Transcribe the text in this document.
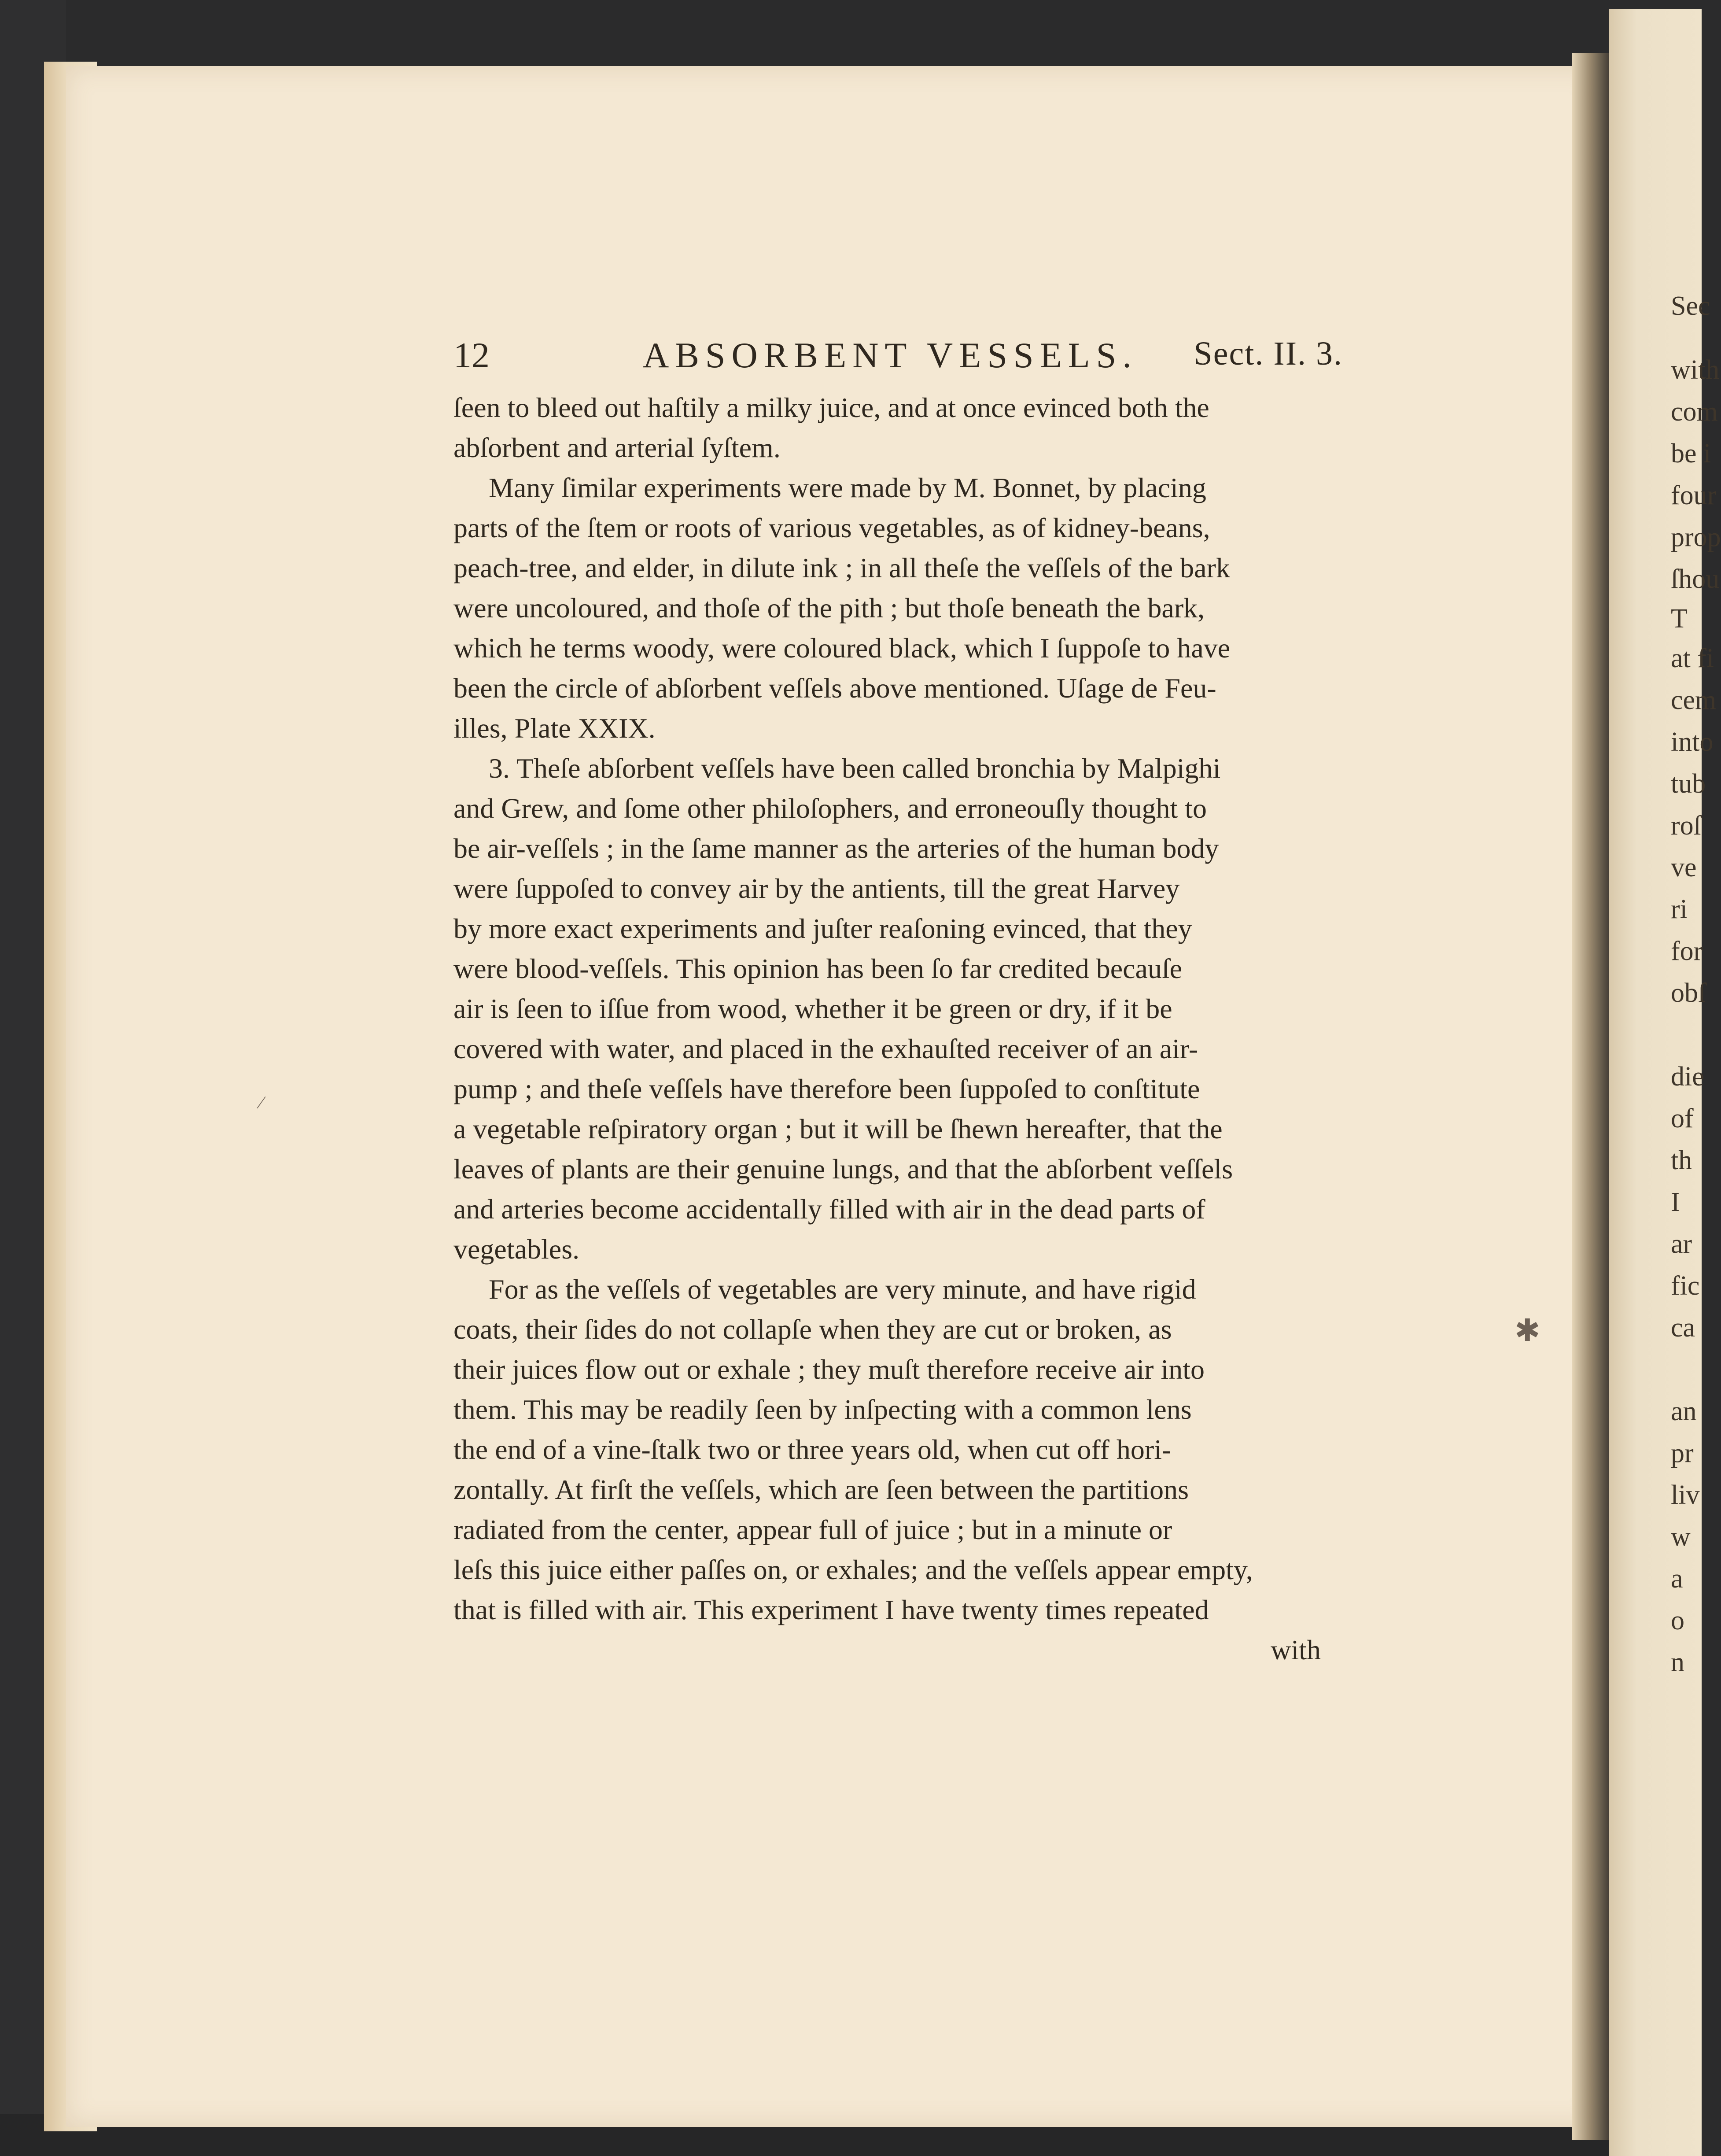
12	ABSORBENT VESSELS. Sect. II. 3.
ſeen to bleed out haſtily a milky juice, and at once evinced both the
abſorbent and arterial ſyſtem.
Many ſimilar experiments were made by M. Bonnet, by placing
parts of the ſtem or roots of various vegetables, as of kidney-beans,
peach-tree, and elder, in dilute ink ; in all theſe the veſſels of the bark
were uncoloured, and thoſe of the pith ; but thoſe beneath the bark,
which he terms woody, were coloured black, which I ſuppoſe to have
been the circle of abſorbent veſſels above mentioned. Uſage de Feu-
illes, Plate XXIX.
3. Theſe abſorbent veſſels have been called bronchia by Malpighi
and Grew, and ſome other philoſophers, and erroneouſly thought to
be air-veſſels ; in the ſame manner as the arteries of the human body
were ſuppoſed to convey air by the antients, till the great Harvey
by more exact experiments and juſter reaſoning evinced, that they
were blood-veſſels. This opinion has been ſo far credited becauſe
air is ſeen to iſſue from wood, whether it be green or dry, if it be
covered with water, and placed in the exhauſted receiver of an air-
pump ; and theſe veſſels have therefore been ſuppoſed to conſtitute
a vegetable reſpiratory organ ; but it will be ſhewn hereafter, that the
leaves of plants are their genuine lungs, and that the abſorbent veſſels
and arteries become accidentally filled with air in the dead parts of
vegetables.
For as the veſſels of vegetables are very minute, and have rigid
coats, their ſides do not collapſe when they are cut or broken, as
their juices flow out or exhale ; they muſt therefore receive air into
them. This may be readily ſeen by inſpecting with a common lens
the end of a vine-ſtalk two or three years old, when cut off hori-
zontally. At firſt the veſſels, which are ſeen between the partitions
radiated from the center, appear full of juice ; but in a minute or
leſs this juice either paſſes on, or exhales; and the veſſels appear empty,
that is filled with air. This experiment I have twenty times repeated
with
✱
⁄
Sec
with
com
be i
four
prop
ſhou
T
at fi
cem
into
tub
roſ
ve
ri
for
obſ
die
of
th
I
ar
fic
ca
an
pr
liv
w
a
o
n
